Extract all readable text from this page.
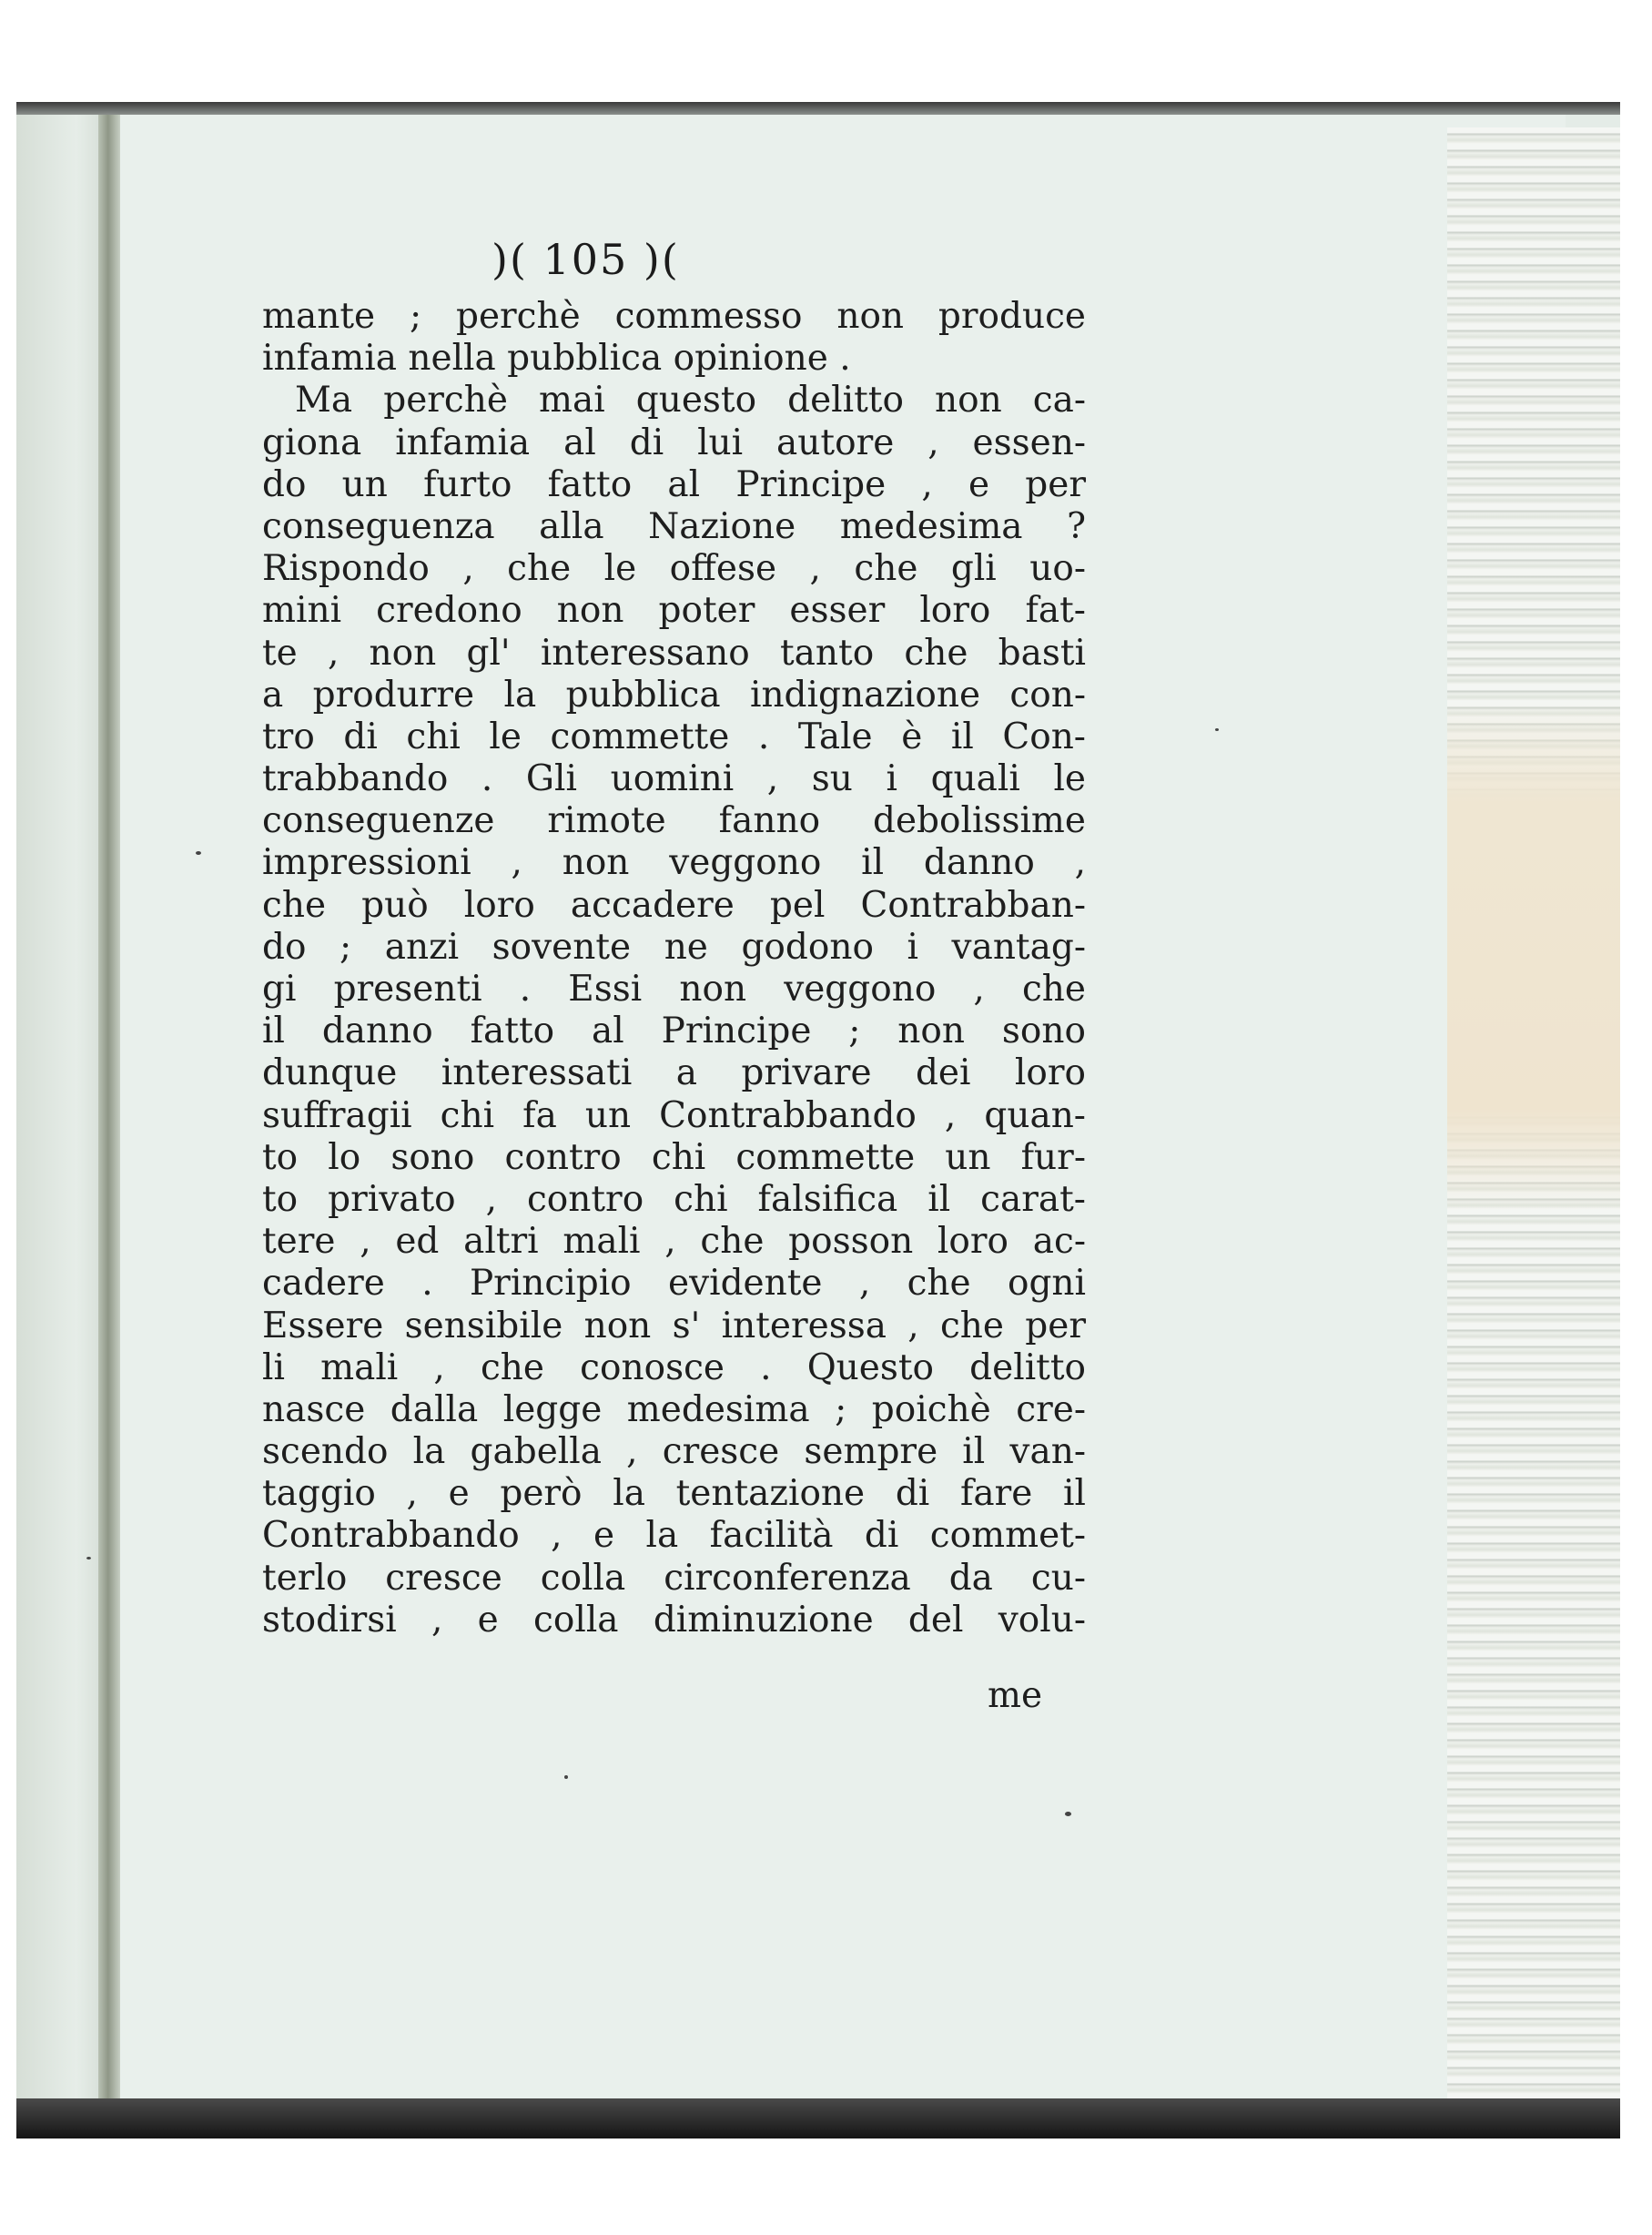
)( 105 )(
mante ; perchè commesso non produce
infamia nella pubblica opinione .
Ma perchè mai questo delitto non ca-
giona infamia al di lui autore , essen-
do un furto fatto al Principe , e per
conseguenza alla Nazione medesima ?
Rispondo , che le offese , che gli uo-
mini credono non poter esser loro fat-
te , non gl' interessano tanto che basti
a produrre la pubblica indignazione con-
tro di chi le commette . Tale è il Con-
trabbando . Gli uomini , su i quali le
conseguenze rimote fanno debolissime
impressioni , non veggono il danno ,
che può loro accadere pel Contrabban-
do ; anzi sovente ne godono i vantag-
gi presenti . Essi non veggono , che
il danno fatto al Principe ; non sono
dunque interessati a privare dei loro
suffragii chi fa un Contrabbando , quan-
to lo sono contro chi commette un fur-
to privato , contro chi falsifica il carat-
tere , ed altri mali , che posson loro ac-
cadere . Principio evidente , che ogni
Essere sensibile non s' interessa , che per
li mali , che conosce . Questo delitto
nasce dalla legge medesima ; poichè cre-
scendo la gabella , cresce sempre il van-
taggio , e però la tentazione di fare il
Contrabbando , e la facilità di commet-
terlo cresce colla circonferenza da cu-
stodirsi , e colla diminuzione del volu-
me
